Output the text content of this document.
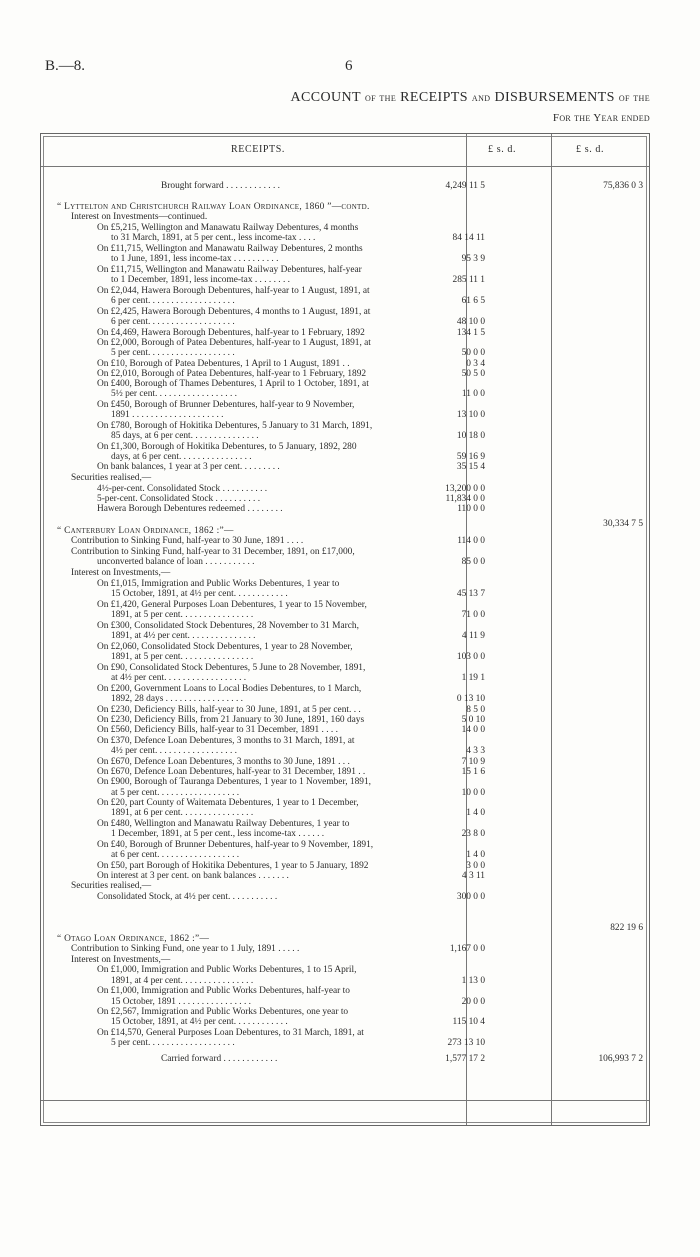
B.—8.	6
ACCOUNT of the RECEIPTS and DISBURSEMENTS of the
For the Year ended
RECEIPTS.	£ s. d.	£ s. d.
Brought forward . . . . . . . . . . . .	4,249 11 5	75,836 0 3
“ Lyttelton and Christchurch Railway Loan Ordinance, 1860 ”—contd.
Interest on Investments—continued.
On £5,215, Wellington and Manawatu Railway Debentures, 4 months
to 31 March, 1891, at 5 per cent., less income-tax . . . .	84 14 11
On £11,715, Wellington and Manawatu Railway Debentures, 2 months
to 1 June, 1891, less income-tax . . . . . . . . . .	95 3 9
On £11,715, Wellington and Manawatu Railway Debentures, half-year
to 1 December, 1891, less income-tax . . . . . . . .	285 11 1
On £2,044, Hawera Borough Debentures, half-year to 1 August, 1891, at
6 per cent. . . . . . . . . . . . . . . . . . .	61 6 5
On £2,425, Hawera Borough Debentures, 4 months to 1 August, 1891, at
6 per cent. . . . . . . . . . . . . . . . . . .	48 10 0
On £4,469, Hawera Borough Debentures, half-year to 1 February, 1892	134 1 5
On £2,000, Borough of Patea Debentures, half-year to 1 August, 1891, at
5 per cent. . . . . . . . . . . . . . . . . . .	50 0 0
On £10, Borough of Patea Debentures, 1 April to 1 August, 1891 . .	0 3 4
On £2,010, Borough of Patea Debentures, half-year to 1 February, 1892	50 5 0
On £400, Borough of Thames Debentures, 1 April to 1 October, 1891, at
5½ per cent. . . . . . . . . . . . . . . . . .	11 0 0
On £450, Borough of Brunner Debentures, half-year to 9 November,
1891 . . . . . . . . . . . . . . . . . . . .	13 10 0
On £780, Borough of Hokitika Debentures, 5 January to 31 March, 1891,
85 days, at 6 per cent. . . . . . . . . . . . . . .	10 18 0
On £1,300, Borough of Hokitika Debentures, to 5 January, 1892, 280
days, at 6 per cent. . . . . . . . . . . . . . . .	59 16 9
On bank balances, 1 year at 3 per cent. . . . . . . . .	35 15 4
Securities realised,—
4½-per-cent. Consolidated Stock . . . . . . . . . .	13,200 0 0
5-per-cent. Consolidated Stock . . . . . . . . . .	11,834 0 0
Hawera Borough Debentures redeemed . . . . . . . .	110 0 0
30,334 7 5
“ Canterbury Loan Ordinance, 1862 :”—
Contribution to Sinking Fund, half-year to 30 June, 1891 . . . .	114 0 0
Contribution to Sinking Fund, half-year to 31 December, 1891, on £17,000,
unconverted balance of loan . . . . . . . . . . .	85 0 0
Interest on Investments,—
On £1,015, Immigration and Public Works Debentures, 1 year to
15 October, 1891, at 4½ per cent. . . . . . . . . . . .	45 13 7
On £1,420, General Purposes Loan Debentures, 1 year to 15 November,
1891, at 5 per cent. . . . . . . . . . . . . . . .	71 0 0
On £300, Consolidated Stock Debentures, 28 November to 31 March,
1891, at 4½ per cent. . . . . . . . . . . . . . .	4 11 9
On £2,060, Consolidated Stock Debentures, 1 year to 28 November,
1891, at 5 per cent. . . . . . . . . . . . . . . .	103 0 0
On £90, Consolidated Stock Debentures, 5 June to 28 November, 1891,
at 4½ per cent. . . . . . . . . . . . . . . . . .	1 19 1
On £200, Government Loans to Local Bodies Debentures, to 1 March,
1892, 28 days . . . . . . . . . . . . . . . . .	0 13 10
On £230, Deficiency Bills, half-year to 30 June, 1891, at 5 per cent. . .	8 5 0
On £230, Deficiency Bills, from 21 January to 30 June, 1891, 160 days	5 0 10
On £560, Deficiency Bills, half-year to 31 December, 1891 . . . .	14 0 0
On £370, Defence Loan Debentures, 3 months to 31 March, 1891, at
4½ per cent. . . . . . . . . . . . . . . . . .	4 3 3
On £670, Defence Loan Debentures, 3 months to 30 June, 1891 . . .	7 10 9
On £670, Defence Loan Debentures, half-year to 31 December, 1891 . .	15 1 6
On £900, Borough of Tauranga Debentures, 1 year to 1 November, 1891,
at 5 per cent. . . . . . . . . . . . . . . . . .	10 0 0
On £20, part County of Waitemata Debentures, 1 year to 1 December,
1891, at 6 per cent. . . . . . . . . . . . . . . .	1 4 0
On £480, Wellington and Manawatu Railway Debentures, 1 year to
1 December, 1891, at 5 per cent., less income-tax . . . . . .	23 8 0
On £40, Borough of Brunner Debentures, half-year to 9 November, 1891,
at 6 per cent. . . . . . . . . . . . . . . . . .	1 4 0
On £50, part Borough of Hokitika Debentures, 1 year to 5 January, 1892	3 0 0
On interest at 3 per cent. on bank balances . . . . . . .	4 3 11
Securities realised,—
Consolidated Stock, at 4½ per cent. . . . . . . . . . .	300 0 0
822 19 6
“ Otago Loan Ordinance, 1862 :”—
Contribution to Sinking Fund, one year to 1 July, 1891 . . . . .	1,167 0 0
Interest on Investments,—
On £1,000, Immigration and Public Works Debentures, 1 to 15 April,
1891, at 4 per cent. . . . . . . . . . . . . . . .	1 13 0
On £1,000, Immigration and Public Works Debentures, half-year to
15 October, 1891 . . . . . . . . . . . . . . . .	20 0 0
On £2,567, Immigration and Public Works Debentures, one year to
15 October, 1891, at 4½ per cent. . . . . . . . . . . .	115 10 4
On £14,570, General Purposes Loan Debentures, to 31 March, 1891, at
5 per cent. . . . . . . . . . . . . . . . . . .	273 13 10
Carried forward . . . . . . . . . . . .	1,577 17 2	106,993 7 2
